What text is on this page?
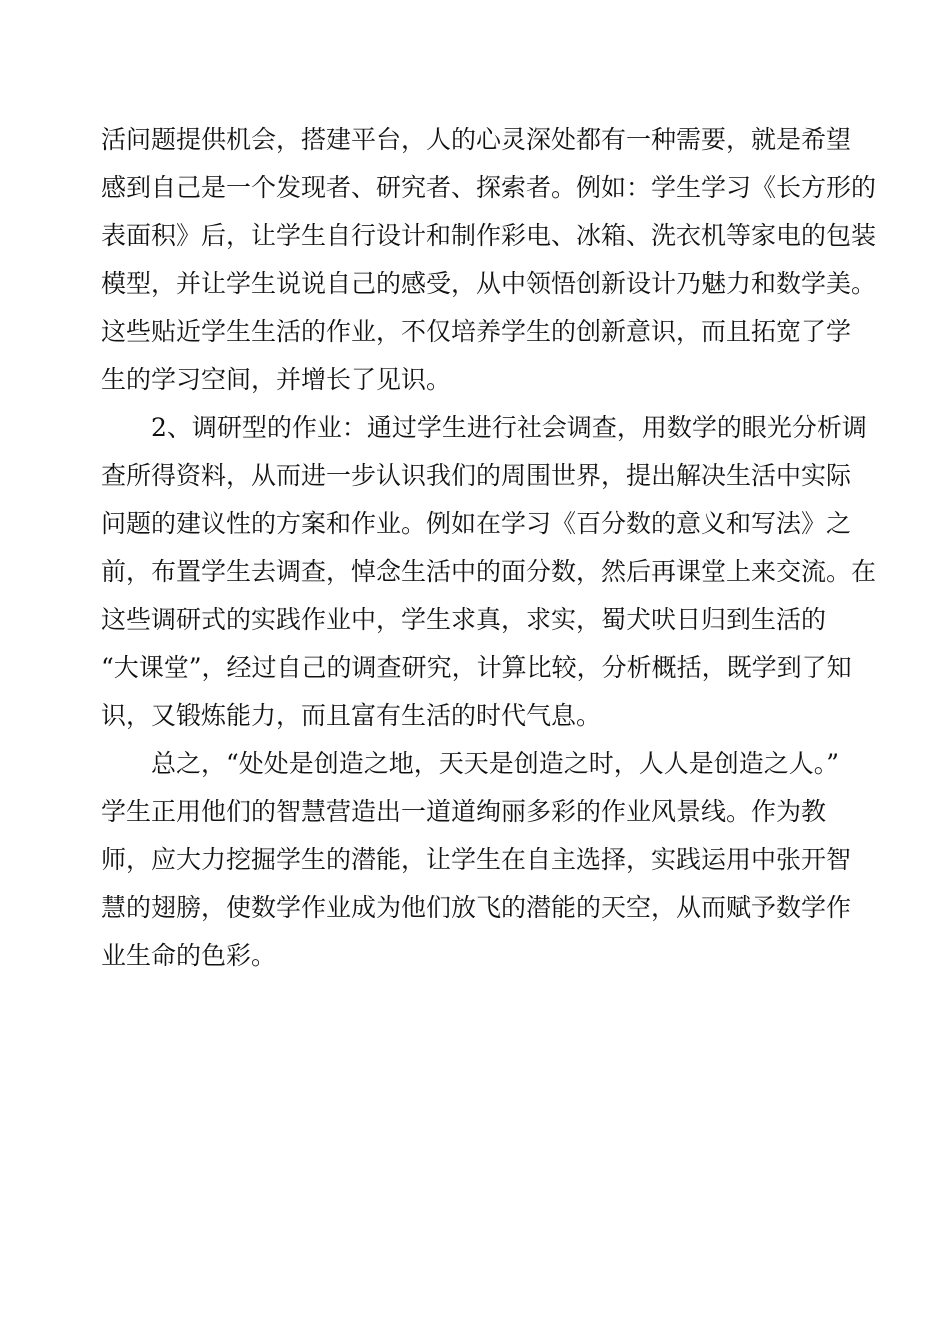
活问题提供机会，搭建平台，人的心灵深处都有一种需要，就是希望
感到自己是一个发现者、研究者、探索者。例如：学生学习《长方形的
表面积》后，让学生自行设计和制作彩电、冰箱、洗衣机等家电的包装
模型，并让学生说说自己的感受，从中领悟创新设计乃魅力和数学美。
这些贴近学生生活的作业，不仅培养学生的创新意识，而且拓宽了学
生的学习空间，并增长了见识。
2、调研型的作业：通过学生进行社会调查，用数学的眼光分析调
查所得资料，从而进一步认识我们的周围世界，提出解决生活中实际
问题的建议性的方案和作业。例如在学习《百分数的意义和写法》之
前，布置学生去调查，悼念生活中的面分数，然后再课堂上来交流。在
这些调研式的实践作业中，学生求真，求实，蜀犬吠日归到生活的
“大课堂”，经过自己的调查研究，计算比较，分析概括，既学到了知
识，又锻炼能力，而且富有生活的时代气息。
总之，“处处是创造之地，天天是创造之时，人人是创造之人。”
学生正用他们的智慧营造出一道道绚丽多彩的作业风景线。作为教
师，应大力挖掘学生的潜能，让学生在自主选择，实践运用中张开智
慧的翅膀，使数学作业成为他们放飞的潜能的天空，从而赋予数学作
业生命的色彩。
